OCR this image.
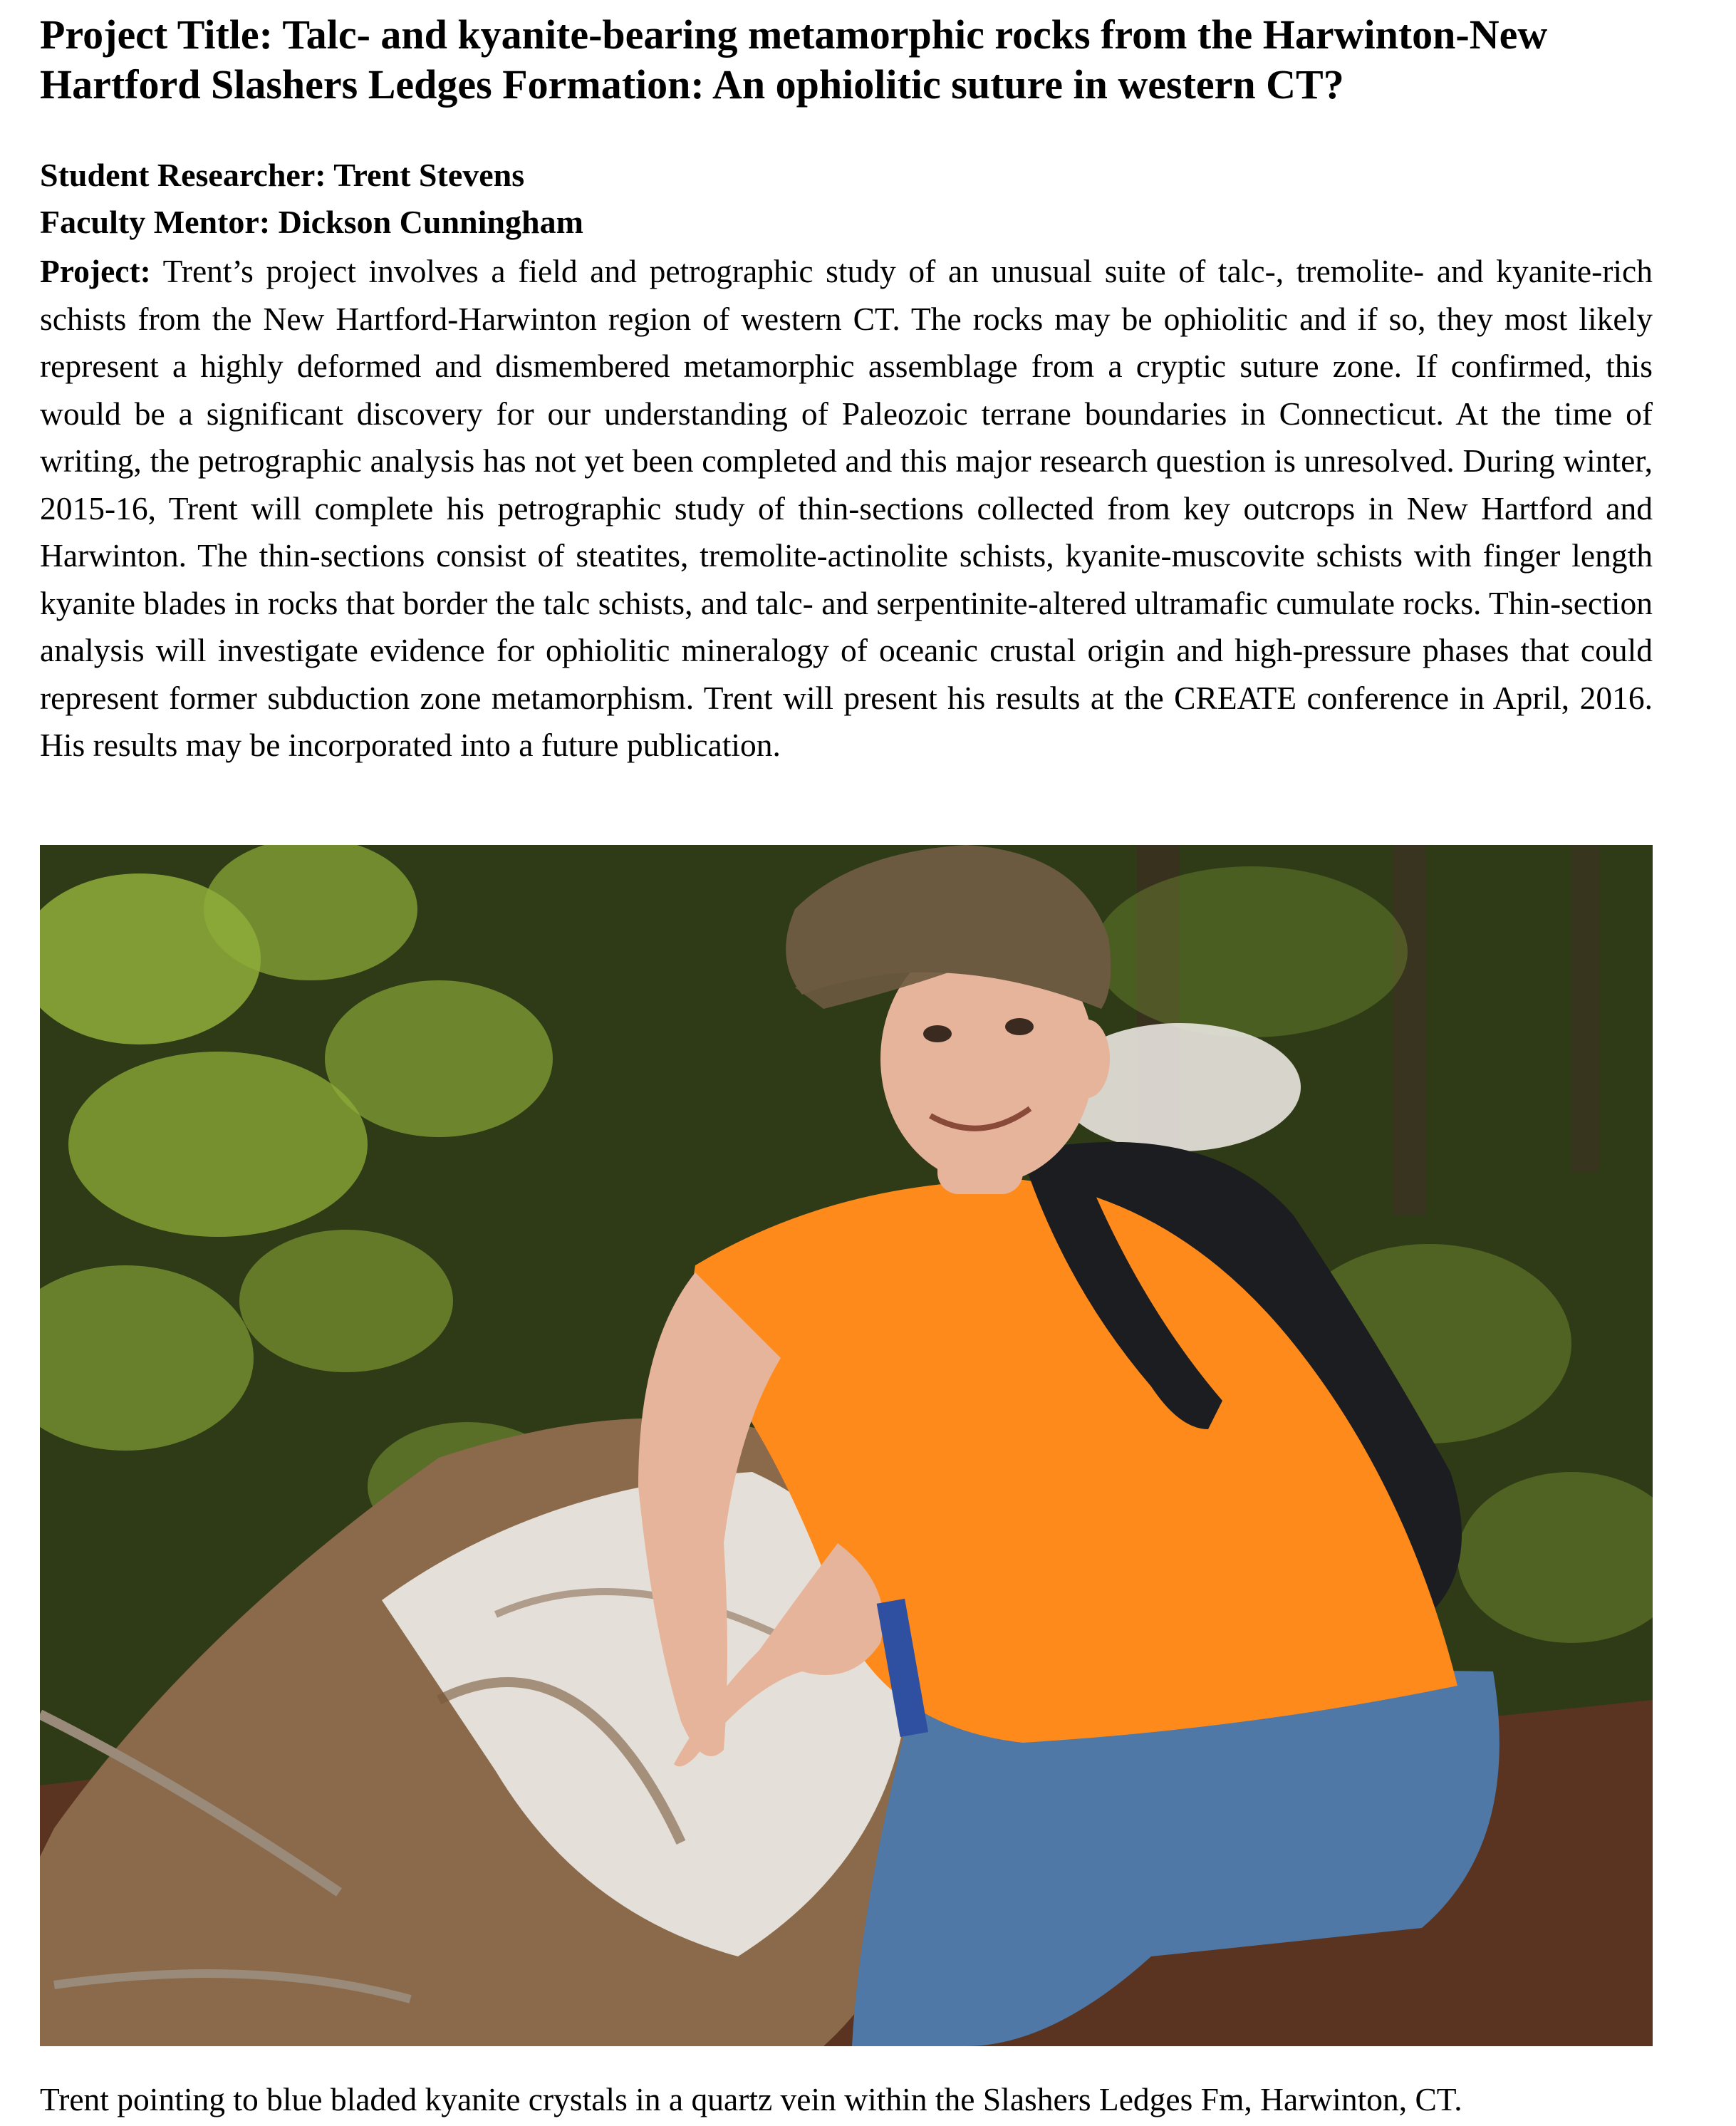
Project Title: Talc- and kyanite-bearing metamorphic rocks from the Harwinton-New Hartford Slashers Ledges Formation: An ophiolitic suture in western CT?

Student Researcher: Trent Stevens

Faculty Mentor: Dickson Cunningham

Project: Trent’s project involves a field and petrographic study of an unusual suite of talc-, tremolite- and kyanite-rich schists from the New Hartford-Harwinton region of western CT. The rocks may be ophiolitic and if so, they most likely represent a highly deformed and dismembered metamorphic assemblage from a cryptic suture zone. If confirmed, this would be a significant discovery for our understanding of Paleozoic terrane boundaries in Connecticut. At the time of writing, the petrographic analysis has not yet been completed and this major research question is unresolved. During winter, 2015-16, Trent will complete his petrographic study of thin-sections collected from key outcrops in New Hartford and Harwinton. The thin-sections consist of steatites, tremolite-actinolite schists, kyanite-muscovite schists with finger length kyanite blades in rocks that border the talc schists, and talc- and serpentinite-altered ultramafic cumulate rocks. Thin-section analysis will investigate evidence for ophiolitic mineralogy of oceanic crustal origin and high-pressure phases that could represent former subduction zone metamorphism. Trent will present his results at the CREATE conference in April, 2016. His results may be incorporated into a future publication.

Trent pointing to blue bladed kyanite crystals in a quartz vein within the Slashers Ledges Fm, Harwinton, CT.
